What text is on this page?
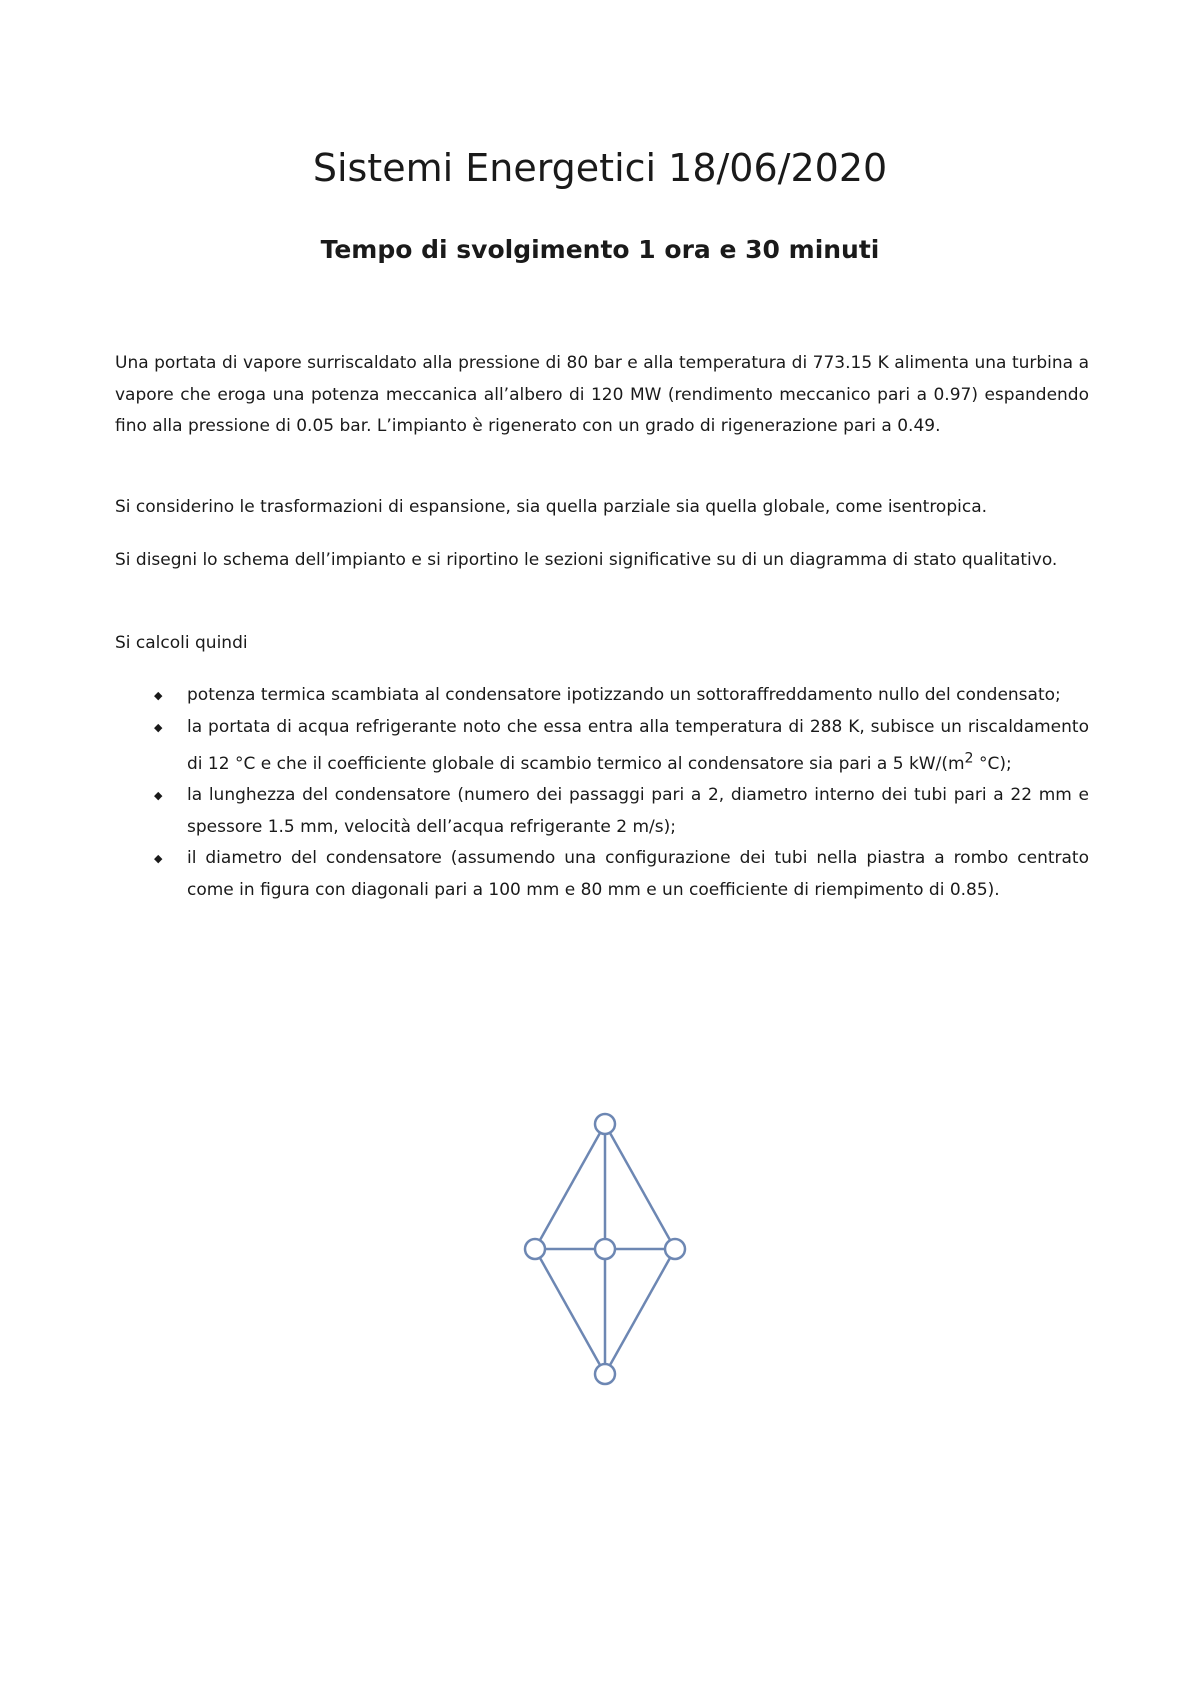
Sistemi Energetici 18/06/2020
Tempo di svolgimento 1 ora e 30 minuti

Una portata di vapore surriscaldato alla pressione di 80 bar e alla temperatura di 773.15 K alimenta una turbina a vapore che eroga una potenza meccanica all’albero di 120 MW (rendimento meccanico pari a 0.97) espandendo fino alla pressione di 0.05 bar. L’impianto è rigenerato con un grado di rigenerazione pari a 0.49.

Si considerino le trasformazioni di espansione, sia quella parziale sia quella globale, come isentropica.

Si disegni lo schema dell’impianto e si riportino le sezioni significative su di un diagramma di stato qualitativo.

Si calcoli quindi

◆ potenza termica scambiata al condensatore ipotizzando un sottoraffreddamento nullo del condensato;
◆ la portata di acqua refrigerante noto che essa entra alla temperatura di 288 K, subisce un riscaldamento di 12 °C e che il coefficiente globale di scambio termico al condensatore sia pari a 5 $kW/(m^2$ °C);
◆ la lunghezza del condensatore (numero dei passaggi pari a 2, diametro interno dei tubi pari a 22 mm e spessore 1.5 mm, velocità dell’acqua refrigerante 2 m/s);
◆ il diametro del condensatore (assumendo una configurazione dei tubi nella piastra a rombo centrato come in figura con diagonali pari a 100 mm e 80 mm e un coefficiente di riempimento di 0.85).
